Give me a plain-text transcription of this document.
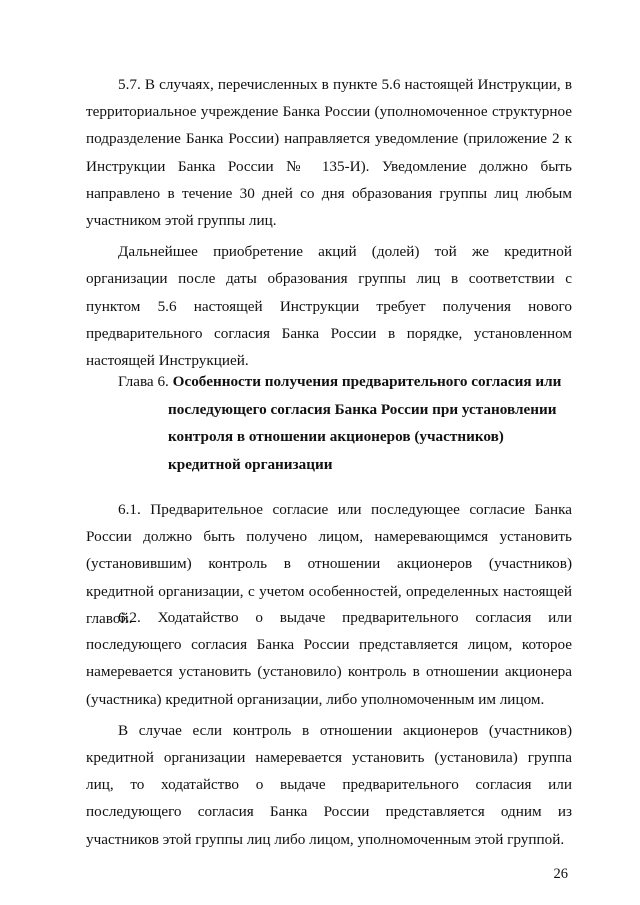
5.7. В случаях, перечисленных в пункте 5.6 настоящей Инструкции, в территориальное учреждение Банка России (уполномоченное структурное подразделение Банка России) направляется уведомление (приложение 2 к Инструкции Банка России № 135-И). Уведомление должно быть направлено в течение 30 дней со дня образования группы лиц любым участником этой группы лиц.

Дальнейшее приобретение акций (долей) той же кредитной организации после даты образования группы лиц в соответствии с пунктом 5.6 настоящей Инструкции требует получения нового предварительного согласия Банка России в порядке, установленном настоящей Инструкцией.

Глава 6. Особенности получения предварительного согласия или
последующего согласия Банка России при установлении
контроля в отношении акционеров (участников)
кредитной организации

6.1. Предварительное согласие или последующее согласие Банка России должно быть получено лицом, намеревающимся установить (установившим) контроль в отношении акционеров (участников) кредитной организации, с учетом особенностей, определенных настоящей главой.

6.2. Ходатайство о выдаче предварительного согласия или последующего согласия Банка России представляется лицом, которое намеревается установить (установило) контроль в отношении акционера (участника) кредитной организации, либо уполномоченным им лицом.

В случае если контроль в отношении акционеров (участников) кредитной организации намеревается установить (установила) группа лиц, то ходатайство о выдаче предварительного согласия или последующего согласия Банка России представляется одним из участников этой группы лиц либо лицом, уполномоченным этой группой.

26
